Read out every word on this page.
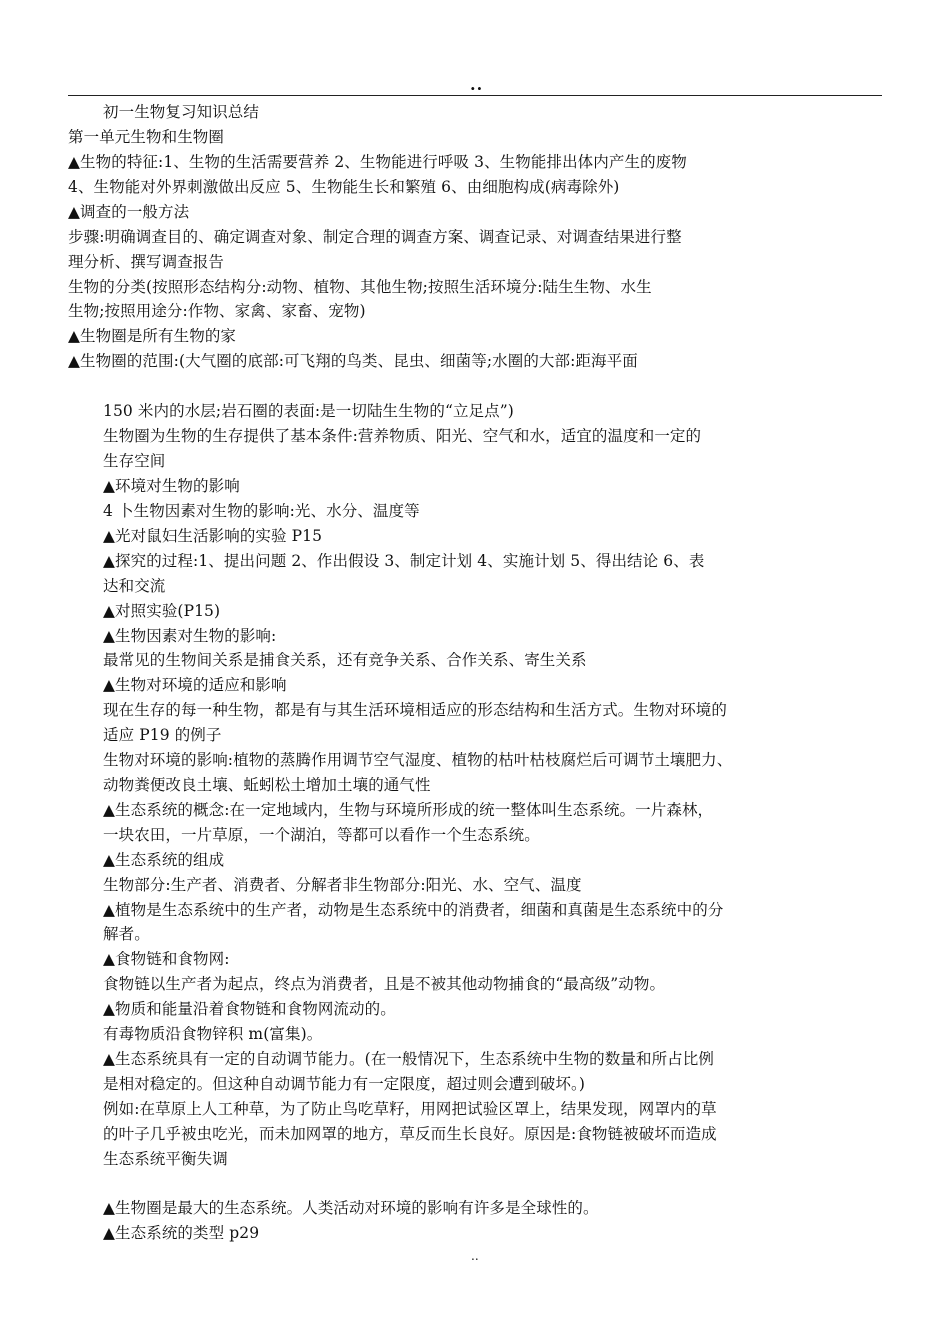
..
初一生物复习知识总结
第一单元生物和生物圈
▲生物的特征:1、生物的生活需要营养 2、生物能进行呼吸 3、生物能排出体内产生的废物
4、生物能对外界刺激做出反应 5、生物能生长和繁殖 6、由细胞构成(病毒除外)
▲调查的一般方法
步骤:明确调查目的、确定调查对象、制定合理的调查方案、调查记录、对调查结果进行整
理分析、撰写调查报告
生物的分类(按照形态结构分:动物、植物、其他生物;按照生活环境分:陆生生物、水生
生物;按照用途分:作物、家禽、家畜、宠物)
▲生物圈是所有生物的家
▲生物圈的范围:(大气圈的底部:可飞翔的鸟类、昆虫、细菌等;水圈的大部:距海平面
150 米内的水层;岩石圈的表面:是一切陆生生物的“立足点”)
生物圈为生物的生存提供了基本条件:营养物质、阳光、空气和水，适宜的温度和一定的
生存空间
▲环境对生物的影响
4 卜生物因素对生物的影响:光、水分、温度等
▲光对鼠妇生活影响的实验 P15
▲探究的过程:1、提出问题 2、作出假设 3、制定计划 4、实施计划 5、得出结论 6、表
达和交流
▲对照实验(P15)
▲生物因素对生物的影响:
最常见的生物间关系是捕食关系，还有竞争关系、合作关系、寄生关系
▲生物对环境的适应和影响
现在生存的每一种生物，都是有与其生活环境相适应的形态结构和生活方式。生物对环境的
适应 P19 的例子
生物对环境的影响:植物的蒸腾作用调节空气湿度、植物的枯叶枯枝腐烂后可调节土壤肥力、
动物粪便改良土壤、蚯蚓松土增加土壤的通气性
▲生态系统的概念:在一定地域内，生物与环境所形成的统一整体叫生态系统。一片森林，
一块农田，一片草原，一个湖泊，等都可以看作一个生态系统。
▲生态系统的组成
生物部分:生产者、消费者、分解者非生物部分:阳光、水、空气、温度
▲植物是生态系统中的生产者，动物是生态系统中的消费者，细菌和真菌是生态系统中的分
解者。
▲食物链和食物网:
食物链以生产者为起点，终点为消费者，且是不被其他动物捕食的“最高级”动物。
▲物质和能量沿着食物链和食物网流动的。
有毒物质沿食物锌积 m(富集)。
▲生态系统具有一定的自动调节能力。(在一般情况下，生态系统中生物的数量和所占比例
是相对稳定的。但这种自动调节能力有一定限度，超过则会遭到破坏。)
例如:在草原上人工种草，为了防止鸟吃草籽，用网把试验区罩上，结果发现，网罩内的草
的叶子几乎被虫吃光，而未加网罩的地方，草反而生长良好。原因是:食物链被破坏而造成
生态系统平衡失调
▲生物圈是最大的生态系统。人类活动对环境的影响有许多是全球性的。
▲生态系统的类型 p29
..
